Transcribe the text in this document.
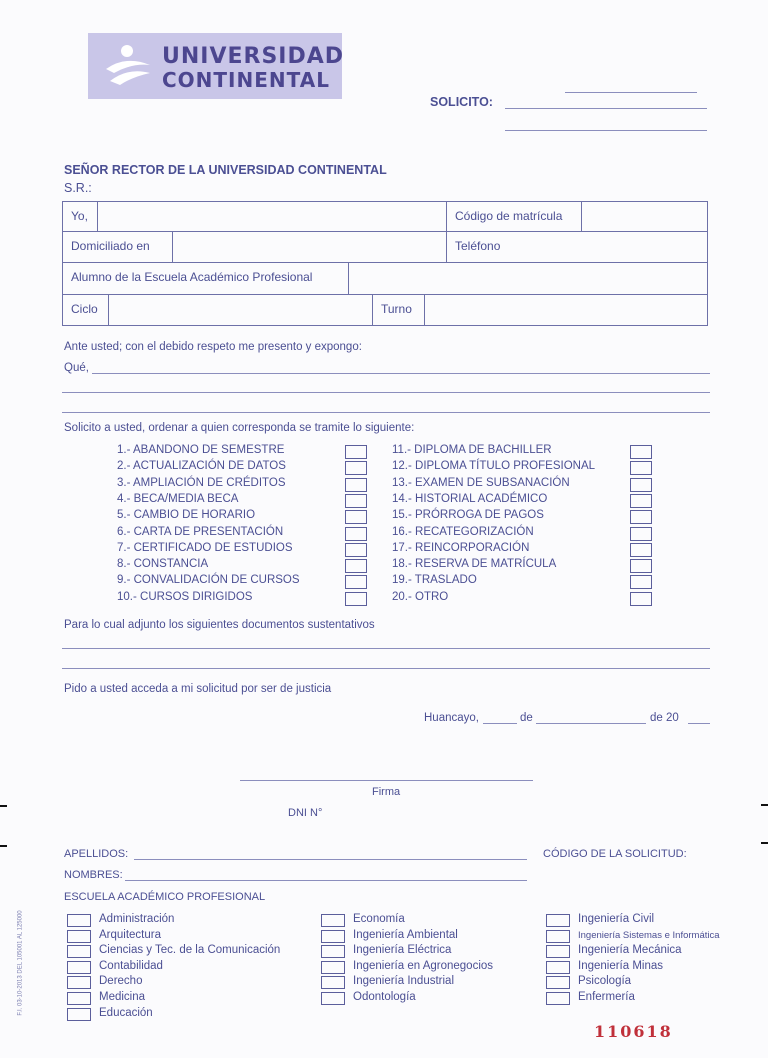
UNIVERSIDAD
CONTINENTAL
SOLICITO:
SEÑOR RECTOR DE LA UNIVERSIDAD CONTINENTAL
S.R.:
Yo,	Código de matrícula
Domiciliado en	Teléfono
Alumno de la Escuela Académico Profesional
Ciclo	Turno
Ante usted; con el debido respeto me presento y expongo:
Qué,
Solicito a usted, ordenar a quien corresponda se tramite lo siguiente:
1.- ABANDONO DE SEMESTRE
2.- ACTUALIZACIÓN DE DATOS
3.- AMPLIACIÓN DE CRÉDITOS
4.- BECA/MEDIA BECA
5.- CAMBIO DE HORARIO
6.- CARTA DE PRESENTACIÓN
7.- CERTIFICADO DE ESTUDIOS
8.- CONSTANCIA
9.- CONVALIDACIÓN DE CURSOS
10.- CURSOS DIRIGIDOS
11.- DIPLOMA DE BACHILLER
12.- DIPLOMA TÍTULO PROFESIONAL
13.- EXAMEN DE SUBSANACIÓN
14.- HISTORIAL ACADÉMICO
15.- PRÓRROGA DE PAGOS
16.- RECATEGORIZACIÓN
17.- REINCORPORACIÓN
18.- RESERVA DE MATRÍCULA
19.- TRASLADO
20.- OTRO
Para lo cual adjunto los siguientes documentos sustentativos
Pido a usted acceda a mi solicitud por ser de justicia
Huancayo,	de	de 20
Firma
DNI N°
APELLIDOS:	CÓDIGO DE LA SOLICITUD:
NOMBRES:
ESCUELA ACADÉMICO PROFESIONAL
Administración
Arquitectura
Ciencias y Tec. de la Comunicación
Contabilidad
Derecho
Medicina
Educación
Economía
Ingeniería Ambiental
Ingeniería Eléctrica
Ingeniería en Agronegocios
Ingeniería Industrial
Odontología
Ingeniería Civil
Ingeniería Sistemas e Informática
Ingeniería Mecánica
Ingeniería Minas
Psicología
Enfermería
110618
F.I. 03-10-2013 DEL 105001 AL 125000
